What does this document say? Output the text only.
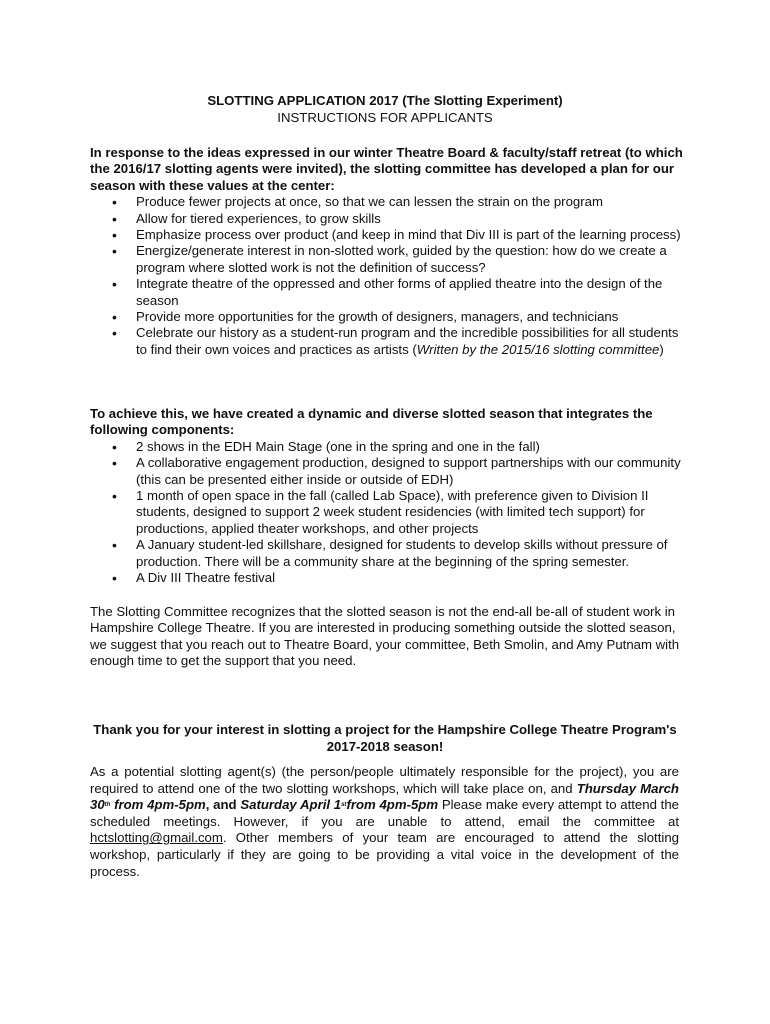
SLOTTING APPLICATION 2017 (The Slotting Experiment)
INSTRUCTIONS FOR APPLICANTS

In response to the ideas expressed in our winter Theatre Board & faculty/staff retreat (to which the 2016/17 slotting agents were invited), the slotting committee has developed a plan for our season with these values at the center:

• Produce fewer projects at once, so that we can lessen the strain on the program
• Allow for tiered experiences, to grow skills
• Emphasize process over product (and keep in mind that Div III is part of the learning process)
• Energize/generate interest in non-slotted work, guided by the question: how do we create a program where slotted work is not the definition of success?
• Integrate theatre of the oppressed and other forms of applied theatre into the design of the season
• Provide more opportunities for the growth of designers, managers, and technicians
• Celebrate our history as a student-run program and the incredible possibilities for all students to find their own voices and practices as artists (Written by the 2015/16 slotting committee)

To achieve this, we have created a dynamic and diverse slotted season that integrates the following components:

• 2 shows in the EDH Main Stage (one in the spring and one in the fall)
• A collaborative engagement production, designed to support partnerships with our community (this can be presented either inside or outside of EDH)
• 1 month of open space in the fall (called Lab Space), with preference given to Division II students, designed to support 2 week student residencies (with limited tech support) for productions, applied theater workshops, and other projects
• A January student-led skillshare, designed for students to develop skills without pressure of production. There will be a community share at the beginning of the spring semester.
• A Div III Theatre festival

The Slotting Committee recognizes that the slotted season is not the end-all be-all of student work in Hampshire College Theatre. If you are interested in producing something outside the slotted season, we suggest that you reach out to Theatre Board, your committee, Beth Smolin, and Amy Putnam with enough time to get the support that you need.

Thank you for your interest in slotting a project for the Hampshire College Theatre Program's 2017-2018 season!
As a potential slotting agent(s) (the person/people ultimately responsible for the project), you are required to attend one of the two slotting workshops, which will take place on, and Thursday March 30th from 4pm-5pm, and Saturday April 1stfrom 4pm-5pm Please make every attempt to attend the scheduled meetings. However, if you are unable to attend, email the committee at hctslotting@gmail.com. Other members of your team are encouraged to attend the slotting workshop, particularly if they are going to be providing a vital voice in the development of the process.
